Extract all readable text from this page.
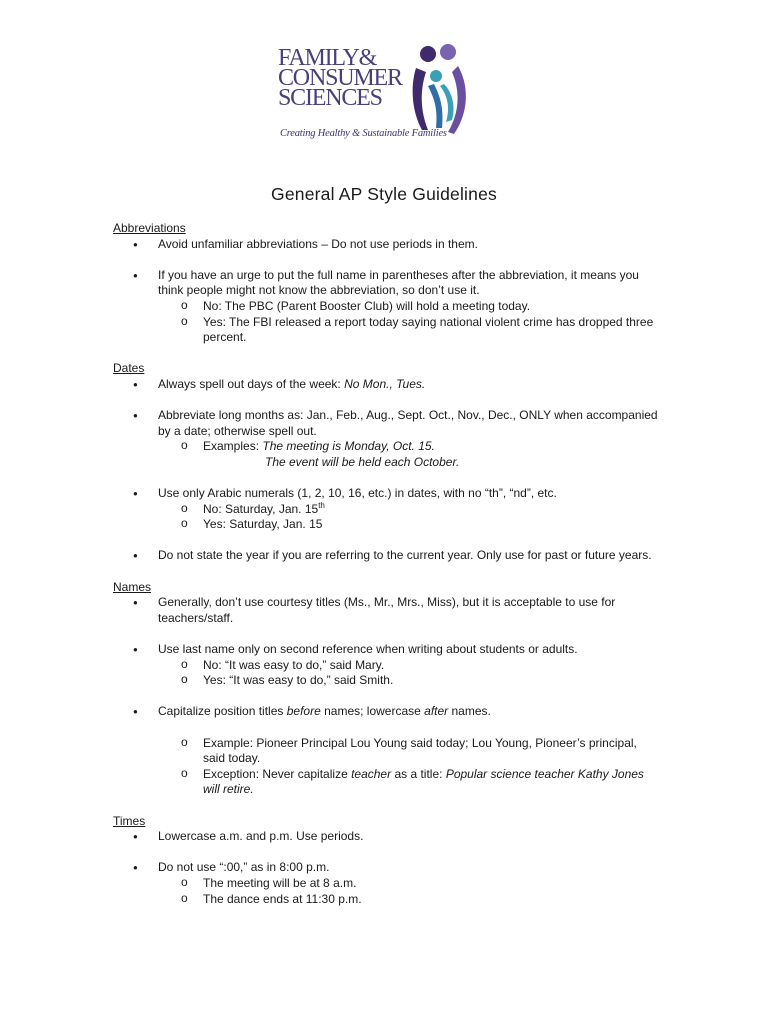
FAMILY&
CONSUMER
SCIENCES
Creating Healthy & Sustainable Families
General AP Style Guidelines
Abbreviations
● Avoid unfamiliar abbreviations – Do not use periods in them.
● If you have an urge to put the full name in parentheses after the abbreviation, it means you think people might not know the abbreviation, so don’t use it.
o No: The PBC (Parent Booster Club) will hold a meeting today.
o Yes: The FBI released a report today saying national violent crime has dropped three percent.
Dates
● Always spell out days of the week: No Mon., Tues.
● Abbreviate long months as: Jan., Feb., Aug., Sept. Oct., Nov., Dec., ONLY when accompanied by a date; otherwise spell out.
o Examples: The meeting is Monday, Oct. 15.
The event will be held each October.
● Use only Arabic numerals (1, 2, 10, 16, etc.) in dates, with no “th”, “nd”, etc.
o No: Saturday, Jan. 15th
o Yes: Saturday, Jan. 15
● Do not state the year if you are referring to the current year. Only use for past or future years.
Names
● Generally, don’t use courtesy titles (Ms., Mr., Mrs., Miss), but it is acceptable to use for teachers/staff.
● Use last name only on second reference when writing about students or adults.
o No: “It was easy to do,” said Mary.
o Yes: “It was easy to do,” said Smith.
● Capitalize position titles before names; lowercase after names.
o Example: Pioneer Principal Lou Young said today; Lou Young, Pioneer’s principal, said today.
o Exception: Never capitalize teacher as a title: Popular science teacher Kathy Jones will retire.
Times
● Lowercase a.m. and p.m. Use periods.
● Do not use “:00,” as in 8:00 p.m.
o The meeting will be at 8 a.m.
o The dance ends at 11:30 p.m.
